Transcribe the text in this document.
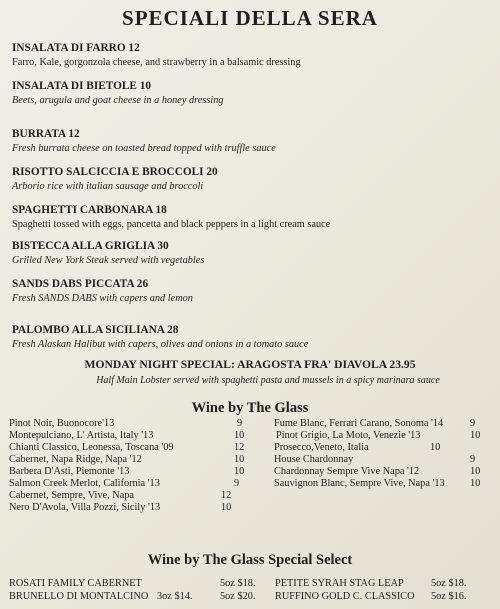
SPECIALI DELLA SERA
INSALATA DI FARRO 12
Farro, Kale, gorgonzola cheese, and strawberry in a balsamic dressing
INSALATA DI BIETOLE 10
Beets, arugula and goat cheese in a honey dressing
BURRATA 12
Fresh burrata cheese on toasted bread topped with truffle sauce
RISOTTO SALCICCIA E BROCCOLI 20
Arborio rice with italian sausage and broccoli
SPAGHETTI CARBONARA 18
Spaghetti tossed with eggs, pancetta and black peppers in a light cream sauce
BISTECCA ALLA GRIGLIA 30
Grilled New York Steak served with vegetables
SANDS DABS PICCATA 26
Fresh SANDS DABS with capers and lemon
PALOMBO ALLA SICILIANA 28
Fresh Alaskan Halibut with capers, olives and onions in a tomato sauce
MONDAY NIGHT SPECIAL: ARAGOSTA FRA' DIAVOLA 23.95
Half Main Lobster served with spaghetti pasta and mussels in a spicy marinara sauce
Wine by The Glass
Pinot Noir, Buonocore'13	9
Montepulciano, L' Artista, Italy '13	10
Chianti Classico, Leonessa, Toscana '09	12
Cabernet, Napa Ridge, Napa '12	10
Barbera D'Asti, Piemonte '13	10
Salmon Creek Merlot, California '13	9
Cabernet, Sempre, Vive, Napa	12
Nero D'Avola, Villa Pozzi, Sicily '13	10
Fume Blanc, Ferrari Carano, Sonoma '14	9
Pinot Grigio, La Moto, Venezie '13	10
Prosecco,Veneto, Italia	10
House Chardonnay	9
Chardonnay Sempre Vive Napa '12	10
Sauvignon Blanc, Sempre Vive, Napa '13 10
Wine by The Glass Special Select
ROSATI FAMILY CABERNET	5oz $18. PETITE SYRAH STAG LEAP	5oz $18.
BRUNELLO DI MONTALCINO 3oz $14.	5oz $20. RUFFINO GOLD C. CLASSICO 5oz $16.
